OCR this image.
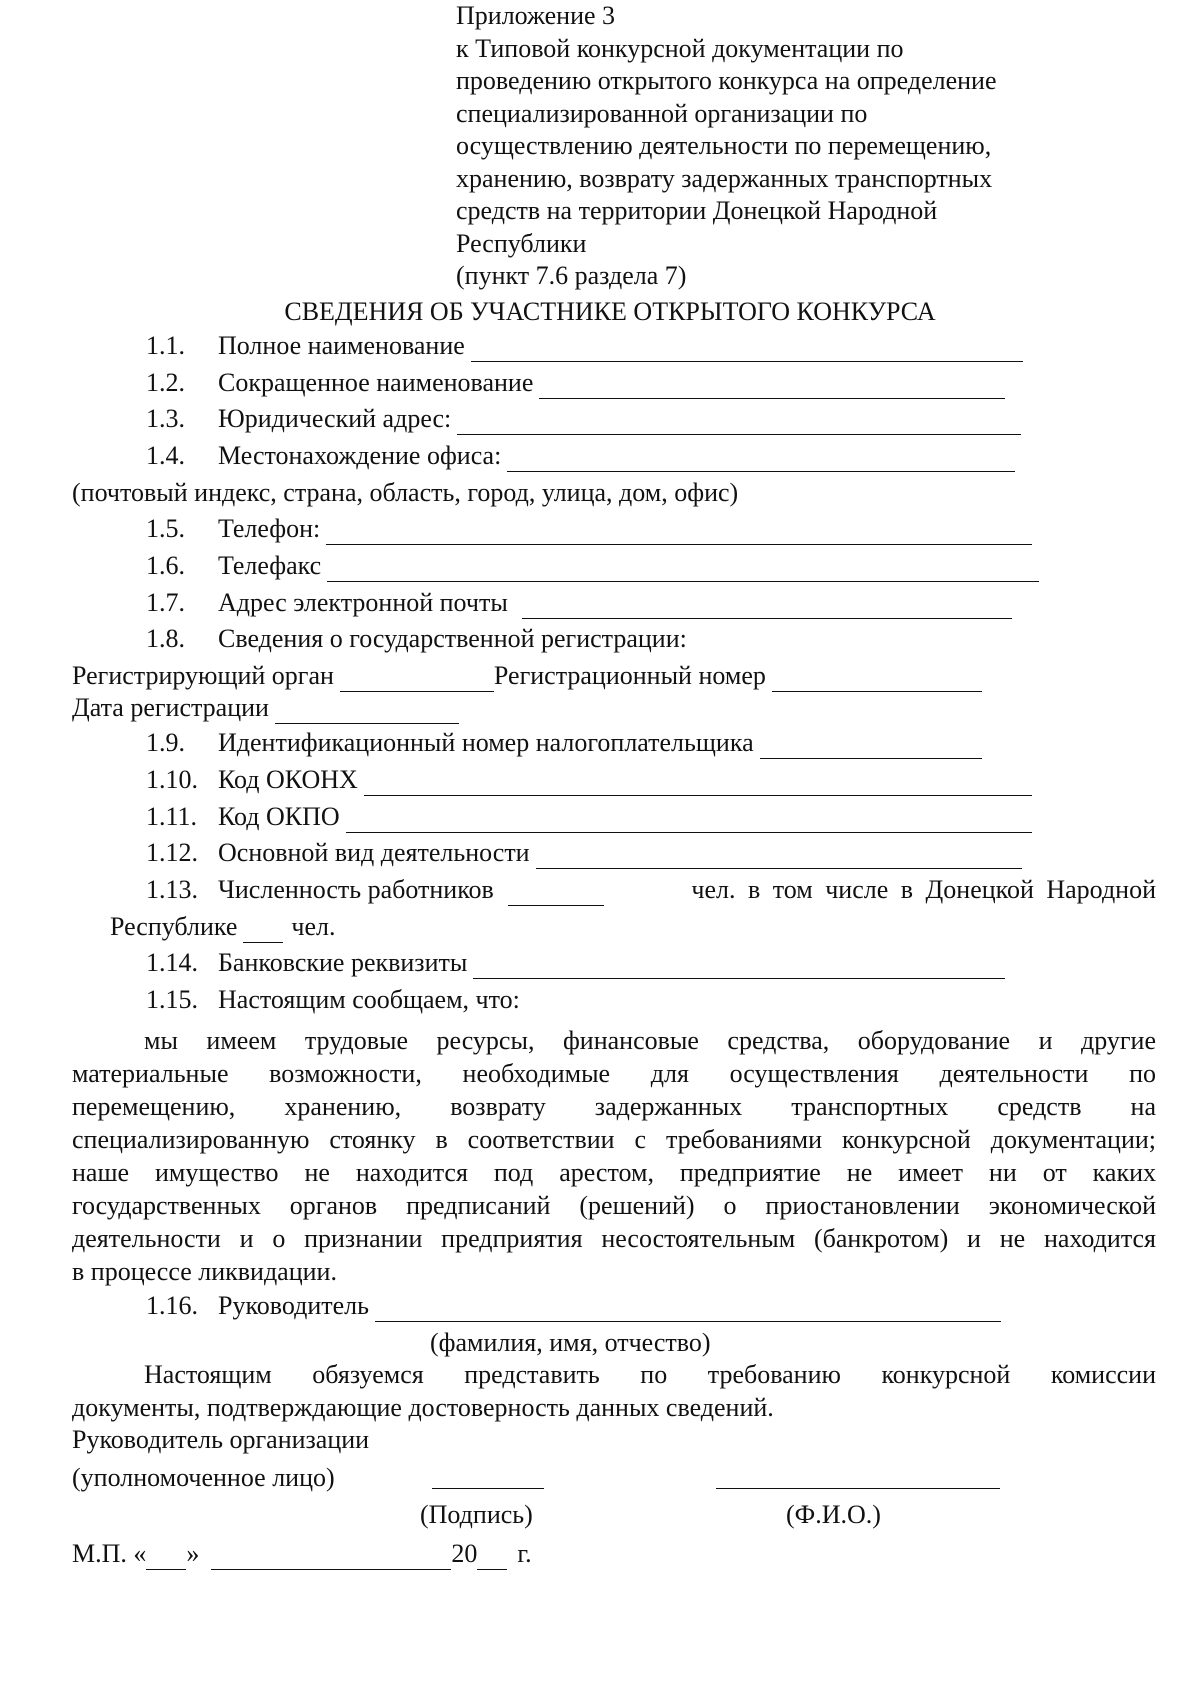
Приложение 3
к Типовой конкурсной документации по
проведению открытого конкурса на определение
специализированной организации по
осуществлению деятельности по перемещению,
хранению, возврату задержанных транспортных
средств на территории Донецкой Народной
Республики
(пункт 7.6 раздела 7)
СВЕДЕНИЯ ОБ УЧАСТНИКЕ ОТКРЫТОГО КОНКУРСА
1.1.	Полное наименование
1.2.	Сокращенное наименование
1.3.	Юридический адрес:
1.4.	Местонахождение офиса:
(почтовый индекс, страна, область, город, улица, дом, офис)
1.5.	Телефон:
1.6.	Телефакс
1.7.	Адрес электронной почты
1.8.	Сведения о государственной регистрации:
Регистрирующий орган	Регистрационный номер
Дата регистрации
1.9.	Идентификационный номер налогоплательщика
1.10. Код ОКОНХ
1.11. Код ОКПО
1.12. Основной вид деятельности
1.13. Численность работников	чел. в том числе в Донецкой Народной
Республике чел.
1.14. Банковские реквизиты
1.15. Настоящим сообщаем, что:
мы имеем трудовые ресурсы, финансовые средства, оборудование и другие
материальные возможности, необходимые для осуществления деятельности по
перемещению, хранению, возврату задержанных транспортных средств на
специализированную стоянку в соответствии с требованиями конкурсной документации;
наше имущество не находится под арестом, предприятие не имеет ни от каких
государственных органов предписаний (решений) о приостановлении экономической
деятельности и о признании предприятия несостоятельным (банкротом) и не находится
в процессе ликвидации.
1.16. Руководитель
(фамилия, имя, отчество)
Настоящим обязуемся представить по требованию конкурсной комиссии
документы, подтверждающие достоверность данных сведений.
Руководитель организации
(уполномоченное лицо)
(Подпись)	(Ф.И.О.)
М.П. « »	20 г.
